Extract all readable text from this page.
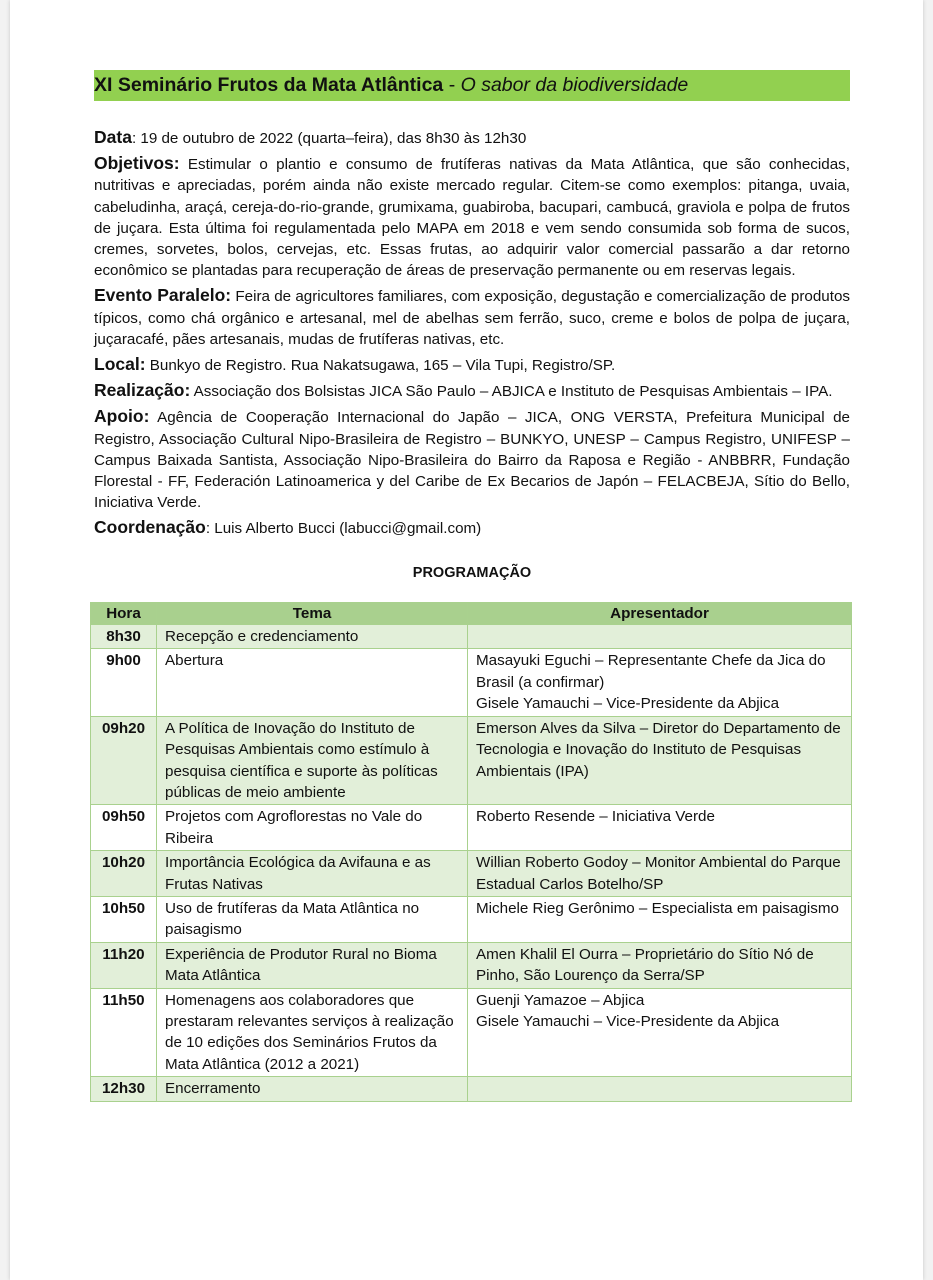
XI Seminário Frutos da Mata Atlântica - O sabor da biodiversidade

Data: 19 de outubro de 2022 (quarta–feira), das 8h30 às 12h30

Objetivos: Estimular o plantio e consumo de frutíferas nativas da Mata Atlântica, que são conhecidas, nutritivas e apreciadas, porém ainda não existe mercado regular. Citem-se como exemplos: pitanga, uvaia, cabeludinha, araçá, cereja-do-rio-grande, grumixama, guabiroba, bacupari, cambucá, graviola e polpa de frutos de juçara. Esta última foi regulamentada pelo MAPA em 2018 e vem sendo consumida sob forma de sucos, cremes, sorvetes, bolos, cervejas, etc. Essas frutas, ao adquirir valor comercial passarão a dar retorno econômico se plantadas para recuperação de áreas de preservação permanente ou em reservas legais.

Evento Paralelo: Feira de agricultores familiares, com exposição, degustação e comercialização de produtos típicos, como chá orgânico e artesanal, mel de abelhas sem ferrão, suco, creme e bolos de polpa de juçara, juçaracafé, pães artesanais, mudas de frutíferas nativas, etc.

Local: Bunkyo de Registro. Rua Nakatsugawa, 165 – Vila Tupi, Registro/SP.

Realização: Associação dos Bolsistas JICA São Paulo – ABJICA e Instituto de Pesquisas Ambientais – IPA.

Apoio: Agência de Cooperação Internacional do Japão – JICA, ONG VERSTA, Prefeitura Municipal de Registro, Associação Cultural Nipo-Brasileira de Registro – BUNKYO, UNESP – Campus Registro, UNIFESP – Campus Baixada Santista, Associação Nipo-Brasileira do Bairro da Raposa e Região - ANBBRR, Fundação Florestal - FF, Federación Latinoamerica y del Caribe de Ex Becarios de Japón – FELACBEJA, Sítio do Bello, Iniciativa Verde.

Coordenação: Luis Alberto Bucci (labucci@gmail.com)

PROGRAMAÇÃO
Hora	Tema	Apresentador
8h30	Recepção e credenciamento	
9h00	Abertura	Masayuki Eguchi – Representante Chefe da Jica do Brasil (a confirmar)
Gisele Yamauchi – Vice-Presidente da Abjica

09h20	A Política de Inovação do Instituto de Pesquisas Ambientais como estímulo à pesquisa científica e suporte às políticas públicas de meio ambiente	Emerson Alves da Silva – Diretor do Departamento de Tecnologia e Inovação do Instituto de Pesquisas Ambientais (IPA)

09h50	Projetos com Agroflorestas no Vale do Ribeira	Roberto Resende – Iniciativa Verde

10h20	Importância Ecológica da Avifauna e as Frutas Nativas	Willian Roberto Godoy – Monitor Ambiental do Parque Estadual Carlos Botelho/SP

10h50	Uso de frutíferas da Mata Atlântica no paisagismo	Michele Rieg Gerônimo – Especialista em paisagismo

11h20	Experiência de Produtor Rural no Bioma Mata Atlântica	Amen Khalil El Ourra – Proprietário do Sítio Nó de Pinho, São Lourenço da Serra/SP

11h50	Homenagens aos colaboradores que prestaram relevantes serviços à realização de 10 edições dos Seminários Frutos da Mata Atlântica (2012 a 2021)	Guenji Yamazoe – Abjica
Gisele Yamauchi – Vice-Presidente da Abjica

12h30	Encerramento	
